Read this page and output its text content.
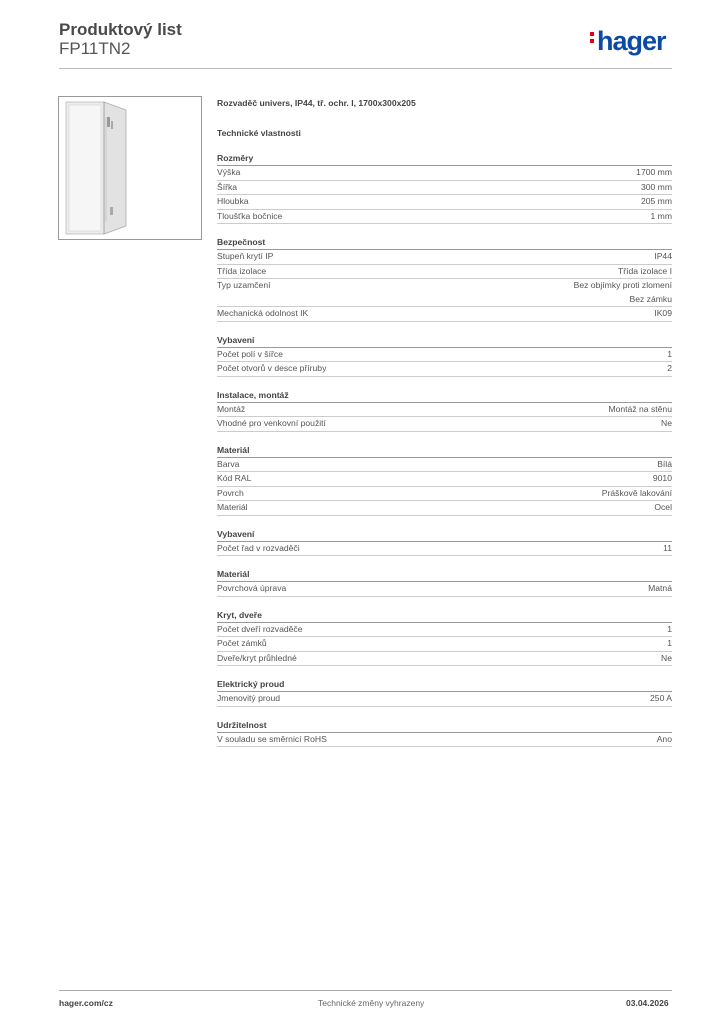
Produktový list
FP11TN2	hager
Rozvaděč univers, IP44, tř. ochr. I, 1700x300x205
Technické vlastnosti
Rozměry
Výška	1700 mm
Šířka	300 mm
Hloubka	205 mm
Tloušťka bočnice	1 mm
Bezpečnost
Stupeň krytí IP	IP44
Třída izolace	Třída izolace I
Typ uzamčení	Bez objímky proti zlomení
Bez zámku
Mechanická odolnost IK	IK09
Vybavení
Počet polí v šířce	1
Počet otvorů v desce příruby	2
Instalace, montáž
Montáž	Montáž na stěnu
Vhodné pro venkovní použití	Ne
Materiál
Barva	Bílá
Kód RAL	9010
Povrch	Práškově lakování
Materiál	Ocel
Vybavení
Počet řad v rozvaděči	11
Materiál
Povrchová úprava	Matná
Kryt, dveře
Počet dveří rozvaděče	1
Počet zámků	1
Dveře/kryt průhledné	Ne
Elektrický proud
Jmenovitý proud	250 A
Udržitelnost
V souladu se směrnicí RoHS	Ano
hager.com/cz	Technické změny vyhrazeny	03.04.2026
